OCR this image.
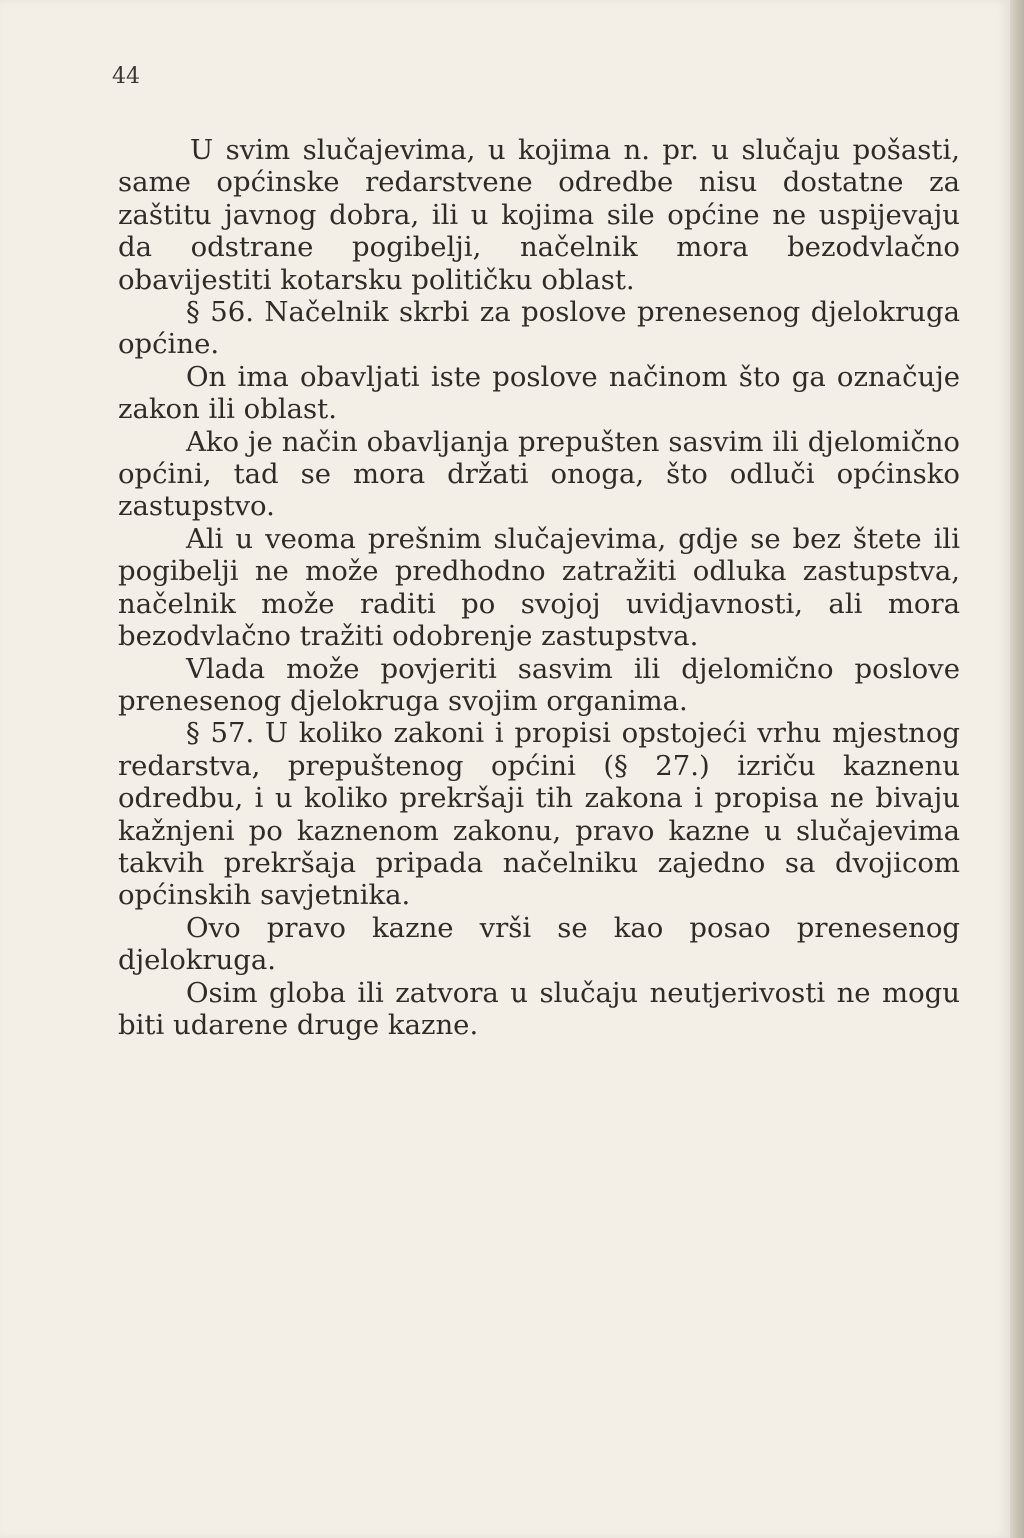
44

U svim slučajevima, u kojima n. pr. u slučaju pošasti, same općinske redarstvene odredbe nisu dostatne za zaštitu javnog dobra, ili u kojima sile općine ne uspijevaju da odstrane pogibelji, načelnik mora bezodvlačno obavijestiti kotarsku političku oblast.

§ 56. Načelnik skrbi za poslove prenesenog djelokruga općine.

On ima obavljati iste poslove načinom što ga označuje zakon ili oblast.

Ako je način obavljanja prepušten sasvim ili djelomično općini, tad se mora držati onoga, što odluči općinsko zastupstvo.

Ali u veoma prešnim slučajevima, gdje se bez štete ili pogibelji ne može predhodno zatražiti odluka zastupstva, načelnik može raditi po svojoj uvidjavnosti, ali mora bezodvlačno tražiti odobrenje zastupstva.

Vlada može povjeriti sasvim ili djelomično poslove prenesenog djelokruga svojim organima.

§ 57. U koliko zakoni i propisi opstojeći vrhu mjestnog redarstva, prepuštenog općini (§ 27.) izriču kaznenu odredbu, i u koliko prekršaji tih zakona i propisa ne bivaju kažnjeni po kaznenom zakonu, pravo kazne u slučajevima takvih prekršaja pripada načelniku zajedno sa dvojicom općinskih savjetnika.

Ovo pravo kazne vrši se kao posao prenesenog djelokruga.

Osim globa ili zatvora u slučaju neutjerivosti ne mogu biti udarene druge kazne.
